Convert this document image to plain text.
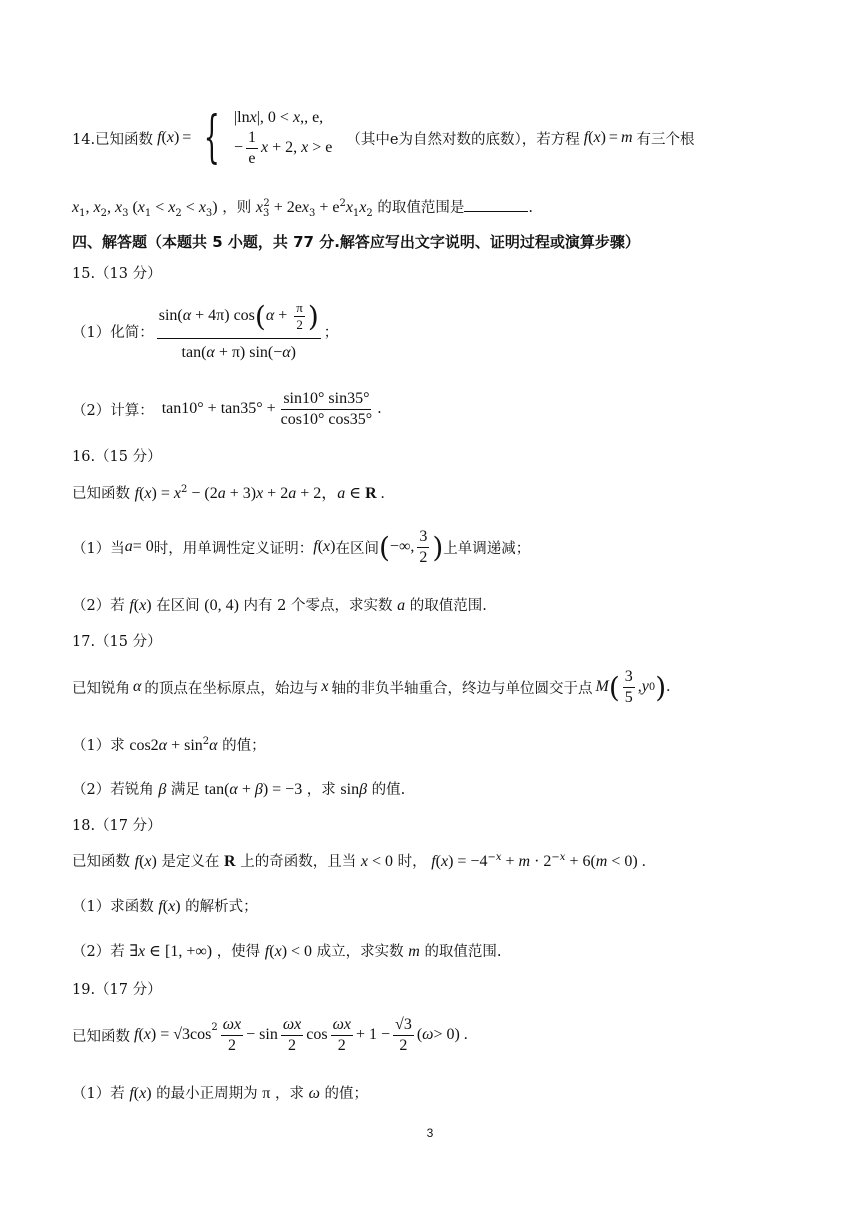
14.已知函数 f ( x ) = { |lnx|, 0 < x,, e,
− $\frac{1}{e}$ x + 2, x > e （其中e为自然对数的底数），若方程 f ( x ) = m 有三个根
$x_1$, $x_2$, $x_3$ $(x_1 < x_2 < x_3)$ ，则 $x_3^2 + 2ex_3 + e^2x_1x_2$ 的取值范围是	.
四、解答题（本题共 5 小题，共 77 分.解答应写出文字说明、证明过程或演算步骤）
15.（13 分）
（1）化简： $\frac{\sin(\alpha + 4\pi) \cos(\alpha + \frac{\pi}{2} )}{\tan(\alpha + \pi) \sin(-\alpha)}$ ；
（2）计算： $\tan 10^\circ + \tan 35^\circ + \frac{\sin 10^\circ \sin 35^\circ}{\cos 10^\circ \cos 35^\circ}$ .
16.（15 分）
已知函数 $f(x) = x^2 - (2a + 3)x + 2a + 2$，a ∈ R .
（1）当 a = 0 时，用单调性定义证明： f ( x ) 在区间 ( −∞, $\frac{3}{2}$ ) 上单调递减；
（2）若 f(x) 在区间 (0, 4) 内有 2 个零点，求实数 a 的取值范围.
17.（15 分）
已知锐角 α 的顶点在坐标原点，始边与 x 轴的非负半轴重合，终边与单位圆交于点 M ( $\frac{3}{5}$ , y 0 ) .
（1）求 $\cos 2\alpha + \sin^2\alpha$ 的值；
（2）若锐角 β 满足 tan(α + β) = −3 ，求 sinβ 的值.
18.（17 分）
已知函数 f(x) 是定义在 R 上的奇函数，且当 x < 0 时， $f(x) = -4^{-x} + m \cdot 2^{-x} + 6(m < 0)$ .
（1）求函数 f(x) 的解析式；
（2）若 ∃x ∈ [1, +∞) ，使得 f(x) < 0 成立，求实数 m 的取值范围.
19.（17 分）
已知函数 f ( x ) = $√3\cos^2 \frac{\omega x}{2} - \sin \frac{\omega x}{2}$ $\cos \frac{\omega x}{2} + 1 - \frac{√3}{2}$ ( ω > 0) .
（1）若 f(x) 的最小正周期为 π ，求 ω 的值；
3
